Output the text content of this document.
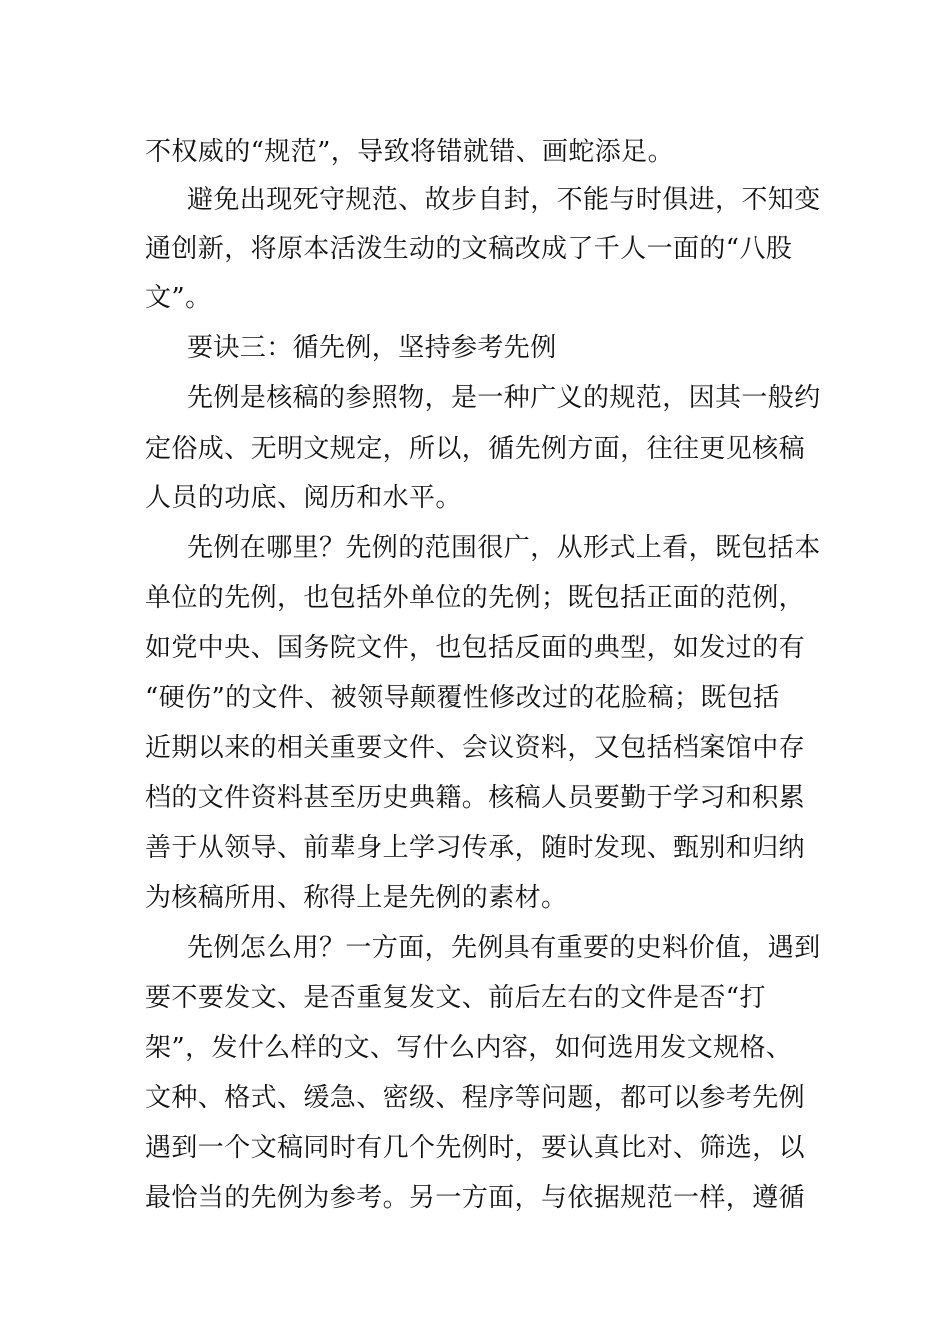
不权威的“规范”，导致将错就错、画蛇添足。
避免出现死守规范、故步自封，不能与时俱进，不知变
通创新，将原本活泼生动的文稿改成了千人一面的“八股
文”。
要诀三：循先例，坚持参考先例
先例是核稿的参照物，是一种广义的规范，因其一般约
定俗成、无明文规定，所以，循先例方面，往往更见核稿
人员的功底、阅历和水平。
先例在哪里？先例的范围很广，从形式上看，既包括本
单位的先例，也包括外单位的先例；既包括正面的范例，
如党中央、国务院文件，也包括反面的典型，如发过的有
“硬伤”的文件、被领导颠覆性修改过的花脸稿；既包括
近期以来的相关重要文件、会议资料，又包括档案馆中存
档的文件资料甚至历史典籍。核稿人员要勤于学习和积累
善于从领导、前辈身上学习传承，随时发现、甄别和归纳
为核稿所用、称得上是先例的素材。
先例怎么用？一方面，先例具有重要的史料价值，遇到
要不要发文、是否重复发文、前后左右的文件是否“打
架”，发什么样的文、写什么内容，如何选用发文规格、
文种、格式、缓急、密级、程序等问题，都可以参考先例
遇到一个文稿同时有几个先例时，要认真比对、筛选，以
最恰当的先例为参考。另一方面，与依据规范一样，遵循
